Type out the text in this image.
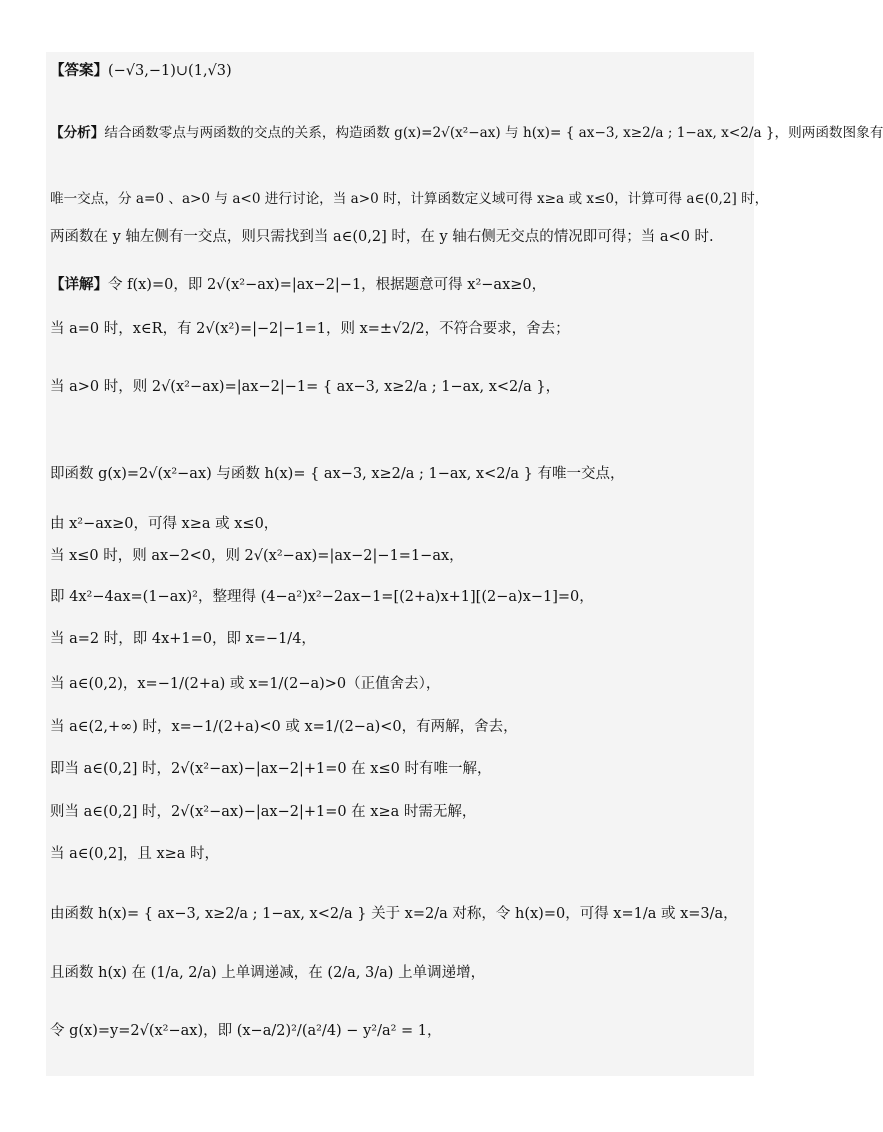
【答案】(−√3,−1)∪(1,√3)
【分析】结合函数零点与两函数的交点的关系，构造函数 g(x)=2√(x²−ax) 与 h(x)= { ax−3, x≥2/a ; 1−ax, x<2/a }，则两函数图象有
唯一交点，分 a=0 、a>0 与 a<0 进行讨论，当 a>0 时，计算函数定义域可得 x≥a 或 x≤0，计算可得 a∈(0,2] 时，
两函数在 y 轴左侧有一交点，则只需找到当 a∈(0,2] 时，在 y 轴右侧无交点的情况即可得；当 a<0 时.
【详解】令 f(x)=0，即 2√(x²−ax)=|ax−2|−1，根据题意可得 x²−ax≥0，
当 a=0 时，x∈R，有 2√(x²)=|−2|−1=1，则 x=±√2/2，不符合要求，舍去；
当 a>0 时，则 2√(x²−ax)=|ax−2|−1= { ax−3, x≥2/a ; 1−ax, x<2/a }，
即函数 g(x)=2√(x²−ax) 与函数 h(x)= { ax−3, x≥2/a ; 1−ax, x<2/a } 有唯一交点，
由 x²−ax≥0，可得 x≥a 或 x≤0，
当 x≤0 时，则 ax−2<0，则 2√(x²−ax)=|ax−2|−1=1−ax，
即 4x²−4ax=(1−ax)²，整理得 (4−a²)x²−2ax−1=[(2+a)x+1][(2−a)x−1]=0，
当 a=2 时，即 4x+1=0，即 x=−1/4，
当 a∈(0,2)，x=−1/(2+a) 或 x=1/(2−a)>0（正值舍去），
当 a∈(2,+∞) 时，x=−1/(2+a)<0 或 x=1/(2−a)<0，有两解，舍去，
即当 a∈(0,2] 时，2√(x²−ax)−|ax−2|+1=0 在 x≤0 时有唯一解，
则当 a∈(0,2] 时，2√(x²−ax)−|ax−2|+1=0 在 x≥a 时需无解，
当 a∈(0,2]，且 x≥a 时，
由函数 h(x)= { ax−3, x≥2/a ; 1−ax, x<2/a } 关于 x=2/a 对称，令 h(x)=0，可得 x=1/a 或 x=3/a，
且函数 h(x) 在 (1/a, 2/a) 上单调递减，在 (2/a, 3/a) 上单调递增，
令 g(x)=y=2√(x²−ax)，即 (x−a/2)²/(a²/4) − y²/a² = 1，
